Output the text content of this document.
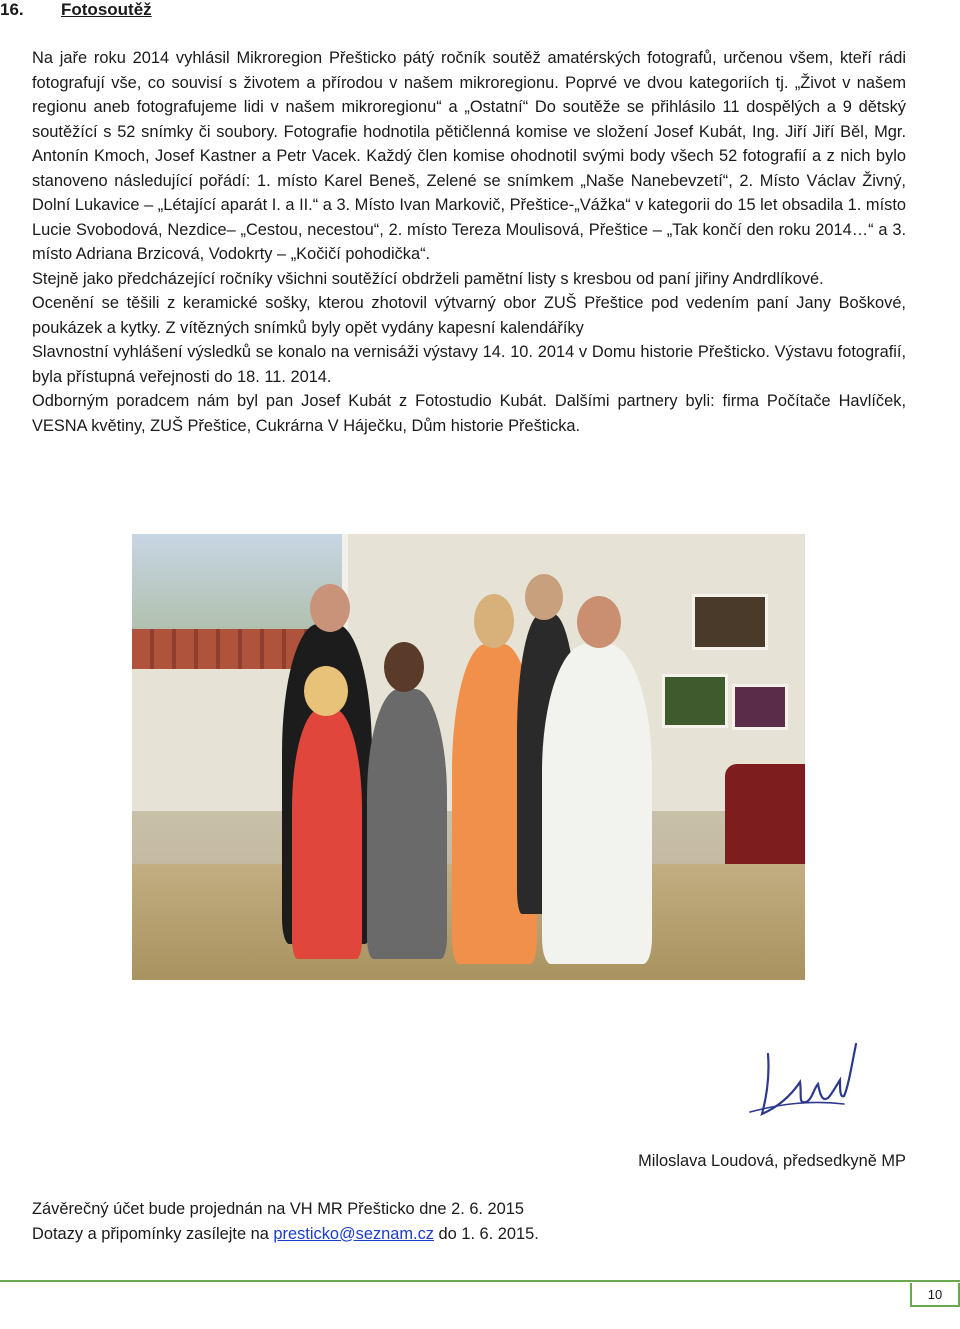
16. Fotosoutěž

Na jaře roku 2014 vyhlásil Mikroregion Přešticko pátý ročník soutěž amatérských fotografů, určenou všem, kteří rádi fotografují vše, co souvisí s životem a přírodou v našem mikroregionu. Poprvé ve dvou kategoriích tj. „Život v našem regionu aneb fotografujeme lidi v našem mikroregionu“ a „Ostatní“ Do soutěže se přihlásilo 11 dospělých a 9 dětský soutěžící s 52 snímky či soubory. Fotografie hodnotila pětičlenná komise ve složení Josef Kubát, Ing. Jiří Jiří Běl, Mgr. Antonín Kmoch, Josef Kastner a Petr Vacek. Každý člen komise ohodnotil svými body všech 52 fotografií a z nich bylo stanoveno následující pořádí: 1. místo Karel Beneš, Zelené se snímkem „Naše Nanebevzetí“, 2. Místo Václav Živný, Dolní Lukavice – „Létající aparát I. a II.“ a 3. Místo Ivan Markovič, Přeštice-„Vážka“ v kategorii do 15 let obsadila 1. místo Lucie Svobodová, Nezdice– „Cestou, necestou“, 2. místo Tereza Moulisová, Přeštice – „Tak končí den roku 2014…“ a 3. místo Adriana Brzicová, Vodokrty – „Kočičí pohodička“.

Stejně jako předcházející ročníky všichni soutěžící obdrželi pamětní listy s kresbou od paní jiřiny Andrdlíkové.

Ocenění se těšili z keramické sošky, kterou zhotovil výtvarný obor ZUŠ Přeštice pod vedením paní Jany Boškové, poukázek a kytky. Z vítězných snímků byly opět vydány kapesní kalendáříky

Slavnostní vyhlášení výsledků se konalo na vernisáži výstavy 14. 10. 2014 v Domu historie Přešticko. Výstavu fotografií, byla přístupná veřejnosti do 18. 11. 2014.

Odborným poradcem nám byl pan Josef Kubát z Fotostudio Kubát. Dalšími partnery byli: firma Počítače Havlíček, VESNA květiny, ZUŠ Přeštice, Cukrárna V Háječku, Dům historie Přešticka.

Miloslava Loudová, předsedkyně MP
Závěrečný účet bude projednán na VH MR Přešticko dne 2. 6. 2015
Dotazy a připomínky zasílejte na presticko@seznam.cz do 1. 6. 2015.
10
